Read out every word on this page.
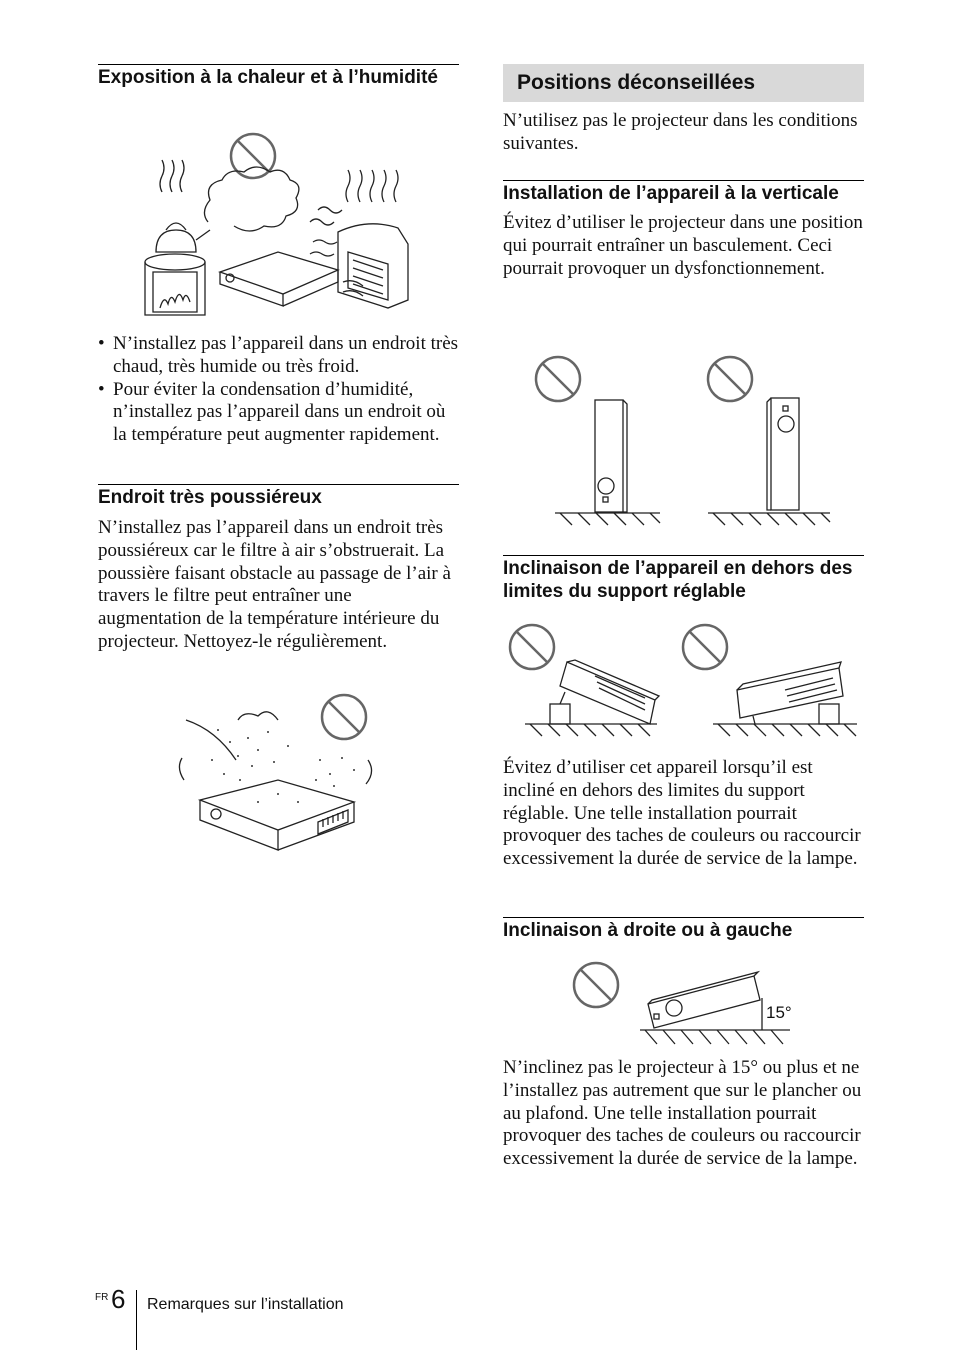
Exposition à la chaleur et à l’humidité
• N’installez pas l’appareil dans un endroit très chaud, très humide ou très froid.
• Pour éviter la condensation d’humidité, n’installez pas l’appareil dans un endroit où la température peut augmenter rapidement.
Endroit très poussiéreux

N’installez pas l’appareil dans un endroit très poussiéreux car le filtre à air s’obstruerait. La poussière faisant obstacle au passage de l’air à travers le filtre peut entraîner une augmentation de la température intérieure du projecteur. Nettoyez-le régulièrement.

Positions déconseillées

N’utilisez pas le projecteur dans les conditions suivantes.

Installation de l’appareil à la verticale

Évitez d’utiliser le projecteur dans une position qui pourrait entraîner un basculement. Ceci pourrait provoquer un dysfonctionnement.

Inclinaison de l’appareil en dehors des limites du support réglable

Évitez d’utiliser cet appareil lorsqu’il est incliné en dehors des limites du support réglable. Une telle installation pourrait provoquer des taches de couleurs ou raccourcir excessivement la durée de service de la lampe.

Inclinaison à droite ou à gauche
15°

N’inclinez pas le projecteur à 15° ou plus et ne l’installez pas autrement que sur le plancher ou au plafond. Une telle installation pourrait provoquer des taches de couleurs ou raccourcir excessivement la durée de service de la lampe.

FR 6 Remarques sur l’installation
